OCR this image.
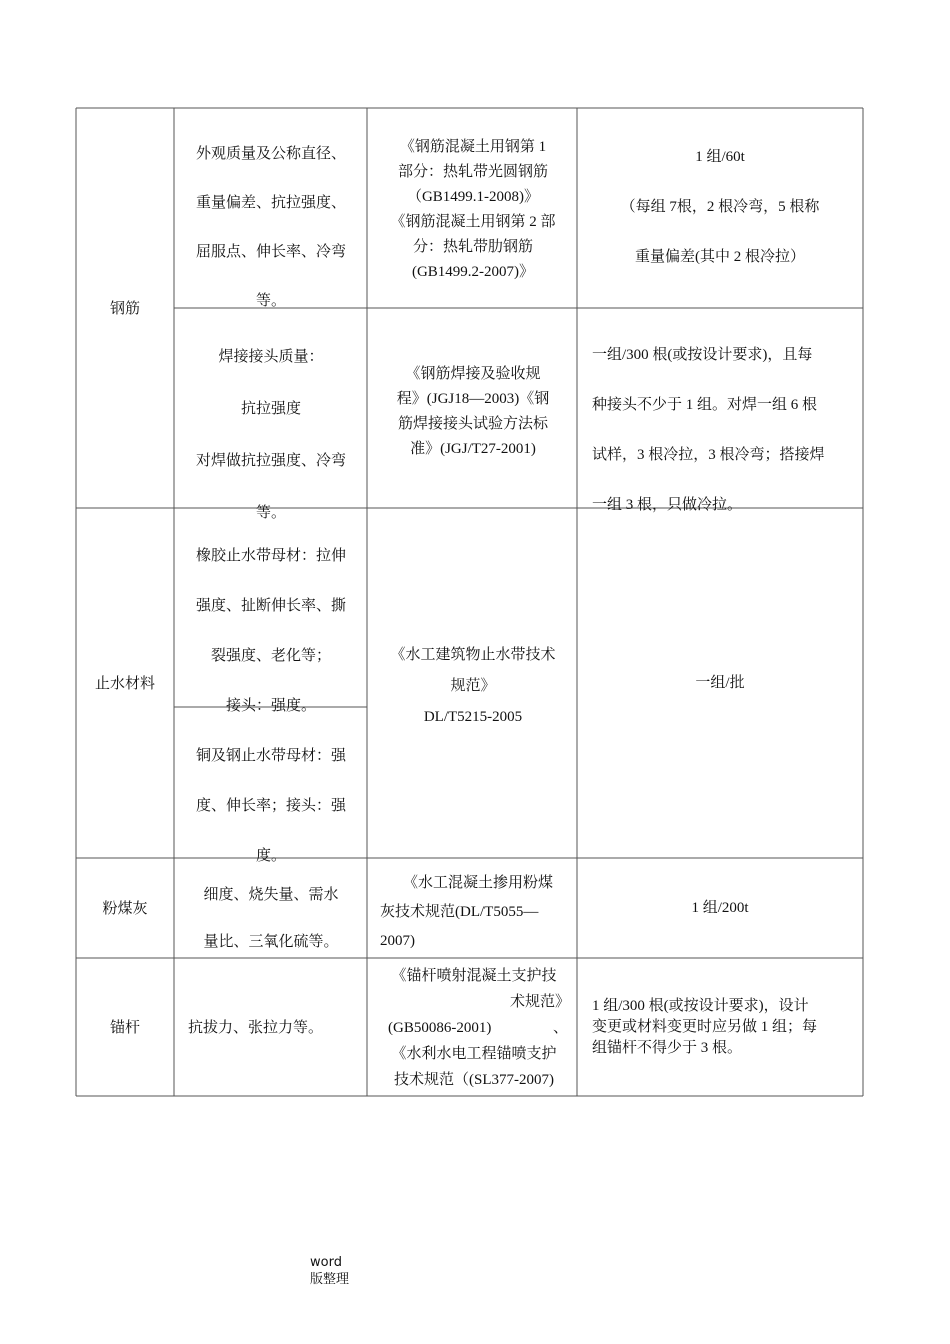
钢筋
外观质量及公称直径、
重量偏差、抗拉强度、
屈服点、伸长率、冷弯
等。
《钢筋混凝土用钢第 1
部分：热轧带光圆钢筋
（GB1499.1-2008)》
《钢筋混凝土用钢第 2 部
分：热轧带肋钢筋
(GB1499.2-2007)》
1 组/60t
（每组 7根，2 根冷弯，5 根称
重量偏差(其中 2 根冷拉）
焊接接头质量：
抗拉强度
对焊做抗拉强度、冷弯
等。
《钢筋焊接及验收规
程》(JGJ18—2003)《钢
筋焊接接头试验方法标
准》(JGJ/T27-2001)
一组/300 根(或按设计要求)，且每
种接头不少于 1 组。对焊一组 6 根
试样，3 根冷拉，3 根冷弯；搭接焊
一组 3 根，只做冷拉。
止水材料
橡胶止水带母材：拉伸
强度、扯断伸长率、撕
裂强度、老化等；
接头：强度。
铜及钢止水带母材：强
度、伸长率；接头：强
度。
《水工建筑物止水带技术
规范》
DL/T5215-2005
一组/批
粉煤灰
细度、烧失量、需水
量比、三氧化硫等。
《水工混凝土掺用粉煤
灰技术规范(DL/T5055—
2007)
1 组/200t
锚杆	抗拔力、张拉力等。
《锚杆喷射混凝土支护技
术规范》
(GB50086-2001)	、
《水利水电工程锚喷支护
技术规范（(SL377-2007)
1 组/300 根(或按设计要求)，设计
变更或材料变更时应另做 1 组；每
组锚杆不得少于 3 根。
word
版整理
